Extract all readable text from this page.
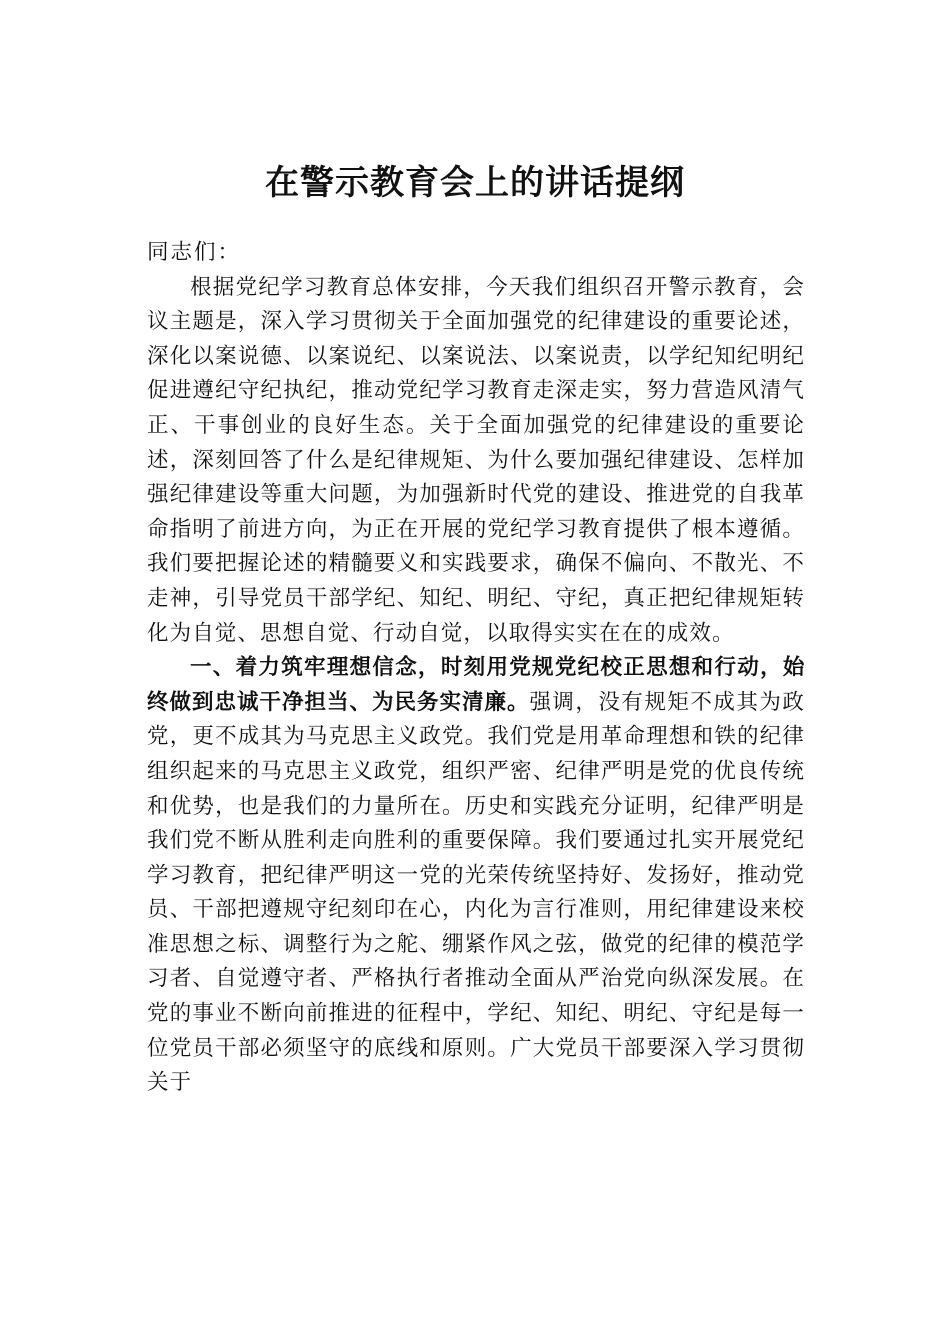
在警示教育会上的讲话提纲

同志们：

根据党纪学习教育总体安排，今天我们组织召开警示教育，会议主题是，深入学习贯彻关于全面加强党的纪律建设的重要论述，深化以案说德、以案说纪、以案说法、以案说责，以学纪知纪明纪促进遵纪守纪执纪，推动党纪学习教育走深走实，努力营造风清气正、干事创业的良好生态。关于全面加强党的纪律建设的重要论述，深刻回答了什么是纪律规矩、为什么要加强纪律建设、怎样加强纪律建设等重大问题，为加强新时代党的建设、推进党的自我革命指明了前进方向，为正在开展的党纪学习教育提供了根本遵循。我们要把握论述的精髓要义和实践要求，确保不偏向、不散光、不走神，引导党员干部学纪、知纪、明纪、守纪，真正把纪律规矩转化为自觉、思想自觉、行动自觉，以取得实实在在的成效。

一、着力筑牢理想信念，时刻用党规党纪校正思想和行动，始终做到忠诚干净担当、为民务实清廉。强调，没有规矩不成其为政党，更不成其为马克思主义政党。我们党是用革命理想和铁的纪律组织起来的马克思主义政党，组织严密、纪律严明是党的优良传统和优势，也是我们的力量所在。历史和实践充分证明，纪律严明是我们党不断从胜利走向胜利的重要保障。我们要通过扎实开展党纪学习教育，把纪律严明这一党的光荣传统坚持好、发扬好，推动党员、干部把遵规守纪刻印在心，内化为言行准则，用纪律建设来校准思想之标、调整行为之舵、绷紧作风之弦，做党的纪律的模范学习者、自觉遵守者、严格执行者推动全面从严治党向纵深发展。在党的事业不断向前推进的征程中，学纪、知纪、明纪、守纪是每一位党员干部必须坚守的底线和原则。广大党员干部要深入学习贯彻关于
